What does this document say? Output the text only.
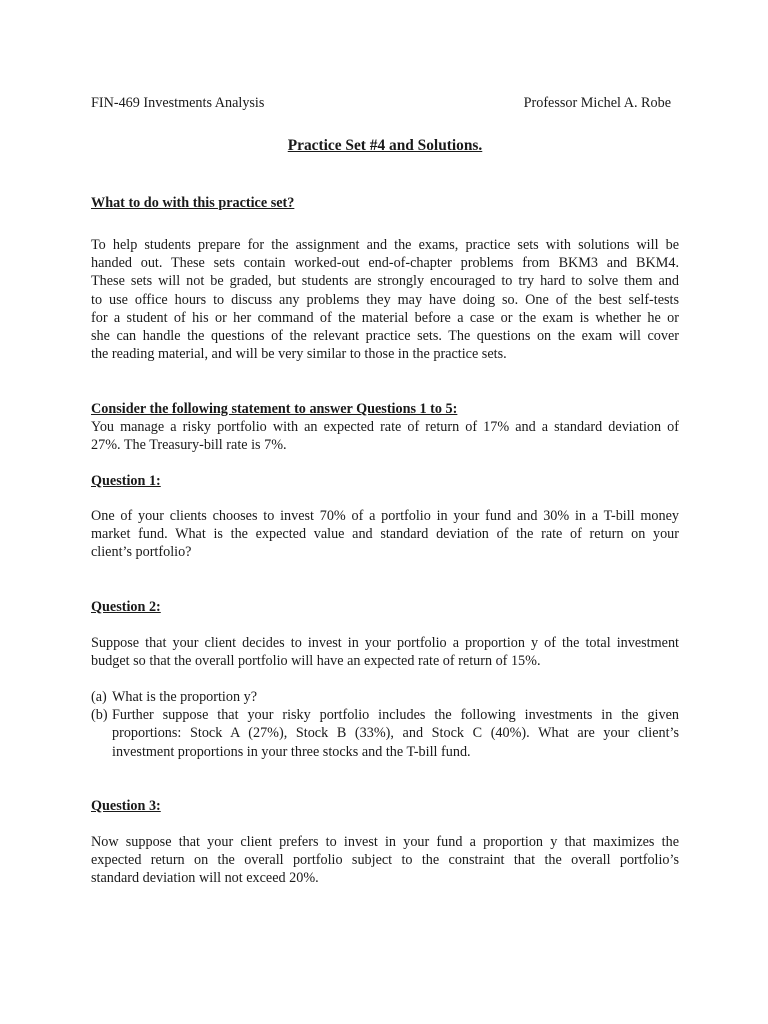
FIN-469 Investments Analysis	Professor Michel A. Robe
Practice Set #4 and Solutions.
What to do with this practice set?
To help students prepare for the assignment and the exams, practice sets with solutions will be
handed out. These sets contain worked-out end-of-chapter problems from BKM3 and BKM4.
These sets will not be graded, but students are strongly encouraged to try hard to solve them and
to use office hours to discuss any problems they may have doing so. One of the best self-tests
for a student of his or her command of the material before a case or the exam is whether he or
she can handle the questions of the relevant practice sets. The questions on the exam will cover
the reading material, and will be very similar to those in the practice sets.
Consider the following statement to answer Questions 1 to 5:
You manage a risky portfolio with an expected rate of return of 17% and a standard deviation of
27%. The Treasury-bill rate is 7%.
Question 1:
One of your clients chooses to invest 70% of a portfolio in your fund and 30% in a T-bill money
market fund. What is the expected value and standard deviation of the rate of return on your
client’s portfolio?
Question 2:
Suppose that your client decides to invest in your portfolio a proportion y of the total investment
budget so that the overall portfolio will have an expected rate of return of 15%.
(a) What is the proportion y?
(b) Further suppose that your risky portfolio includes the following investments in the given
proportions: Stock A (27%), Stock B (33%), and Stock C (40%). What are your client’s
investment proportions in your three stocks and the T-bill fund.
Question 3:
Now suppose that your client prefers to invest in your fund a proportion y that maximizes the
expected return on the overall portfolio subject to the constraint that the overall portfolio’s
standard deviation will not exceed 20%.
